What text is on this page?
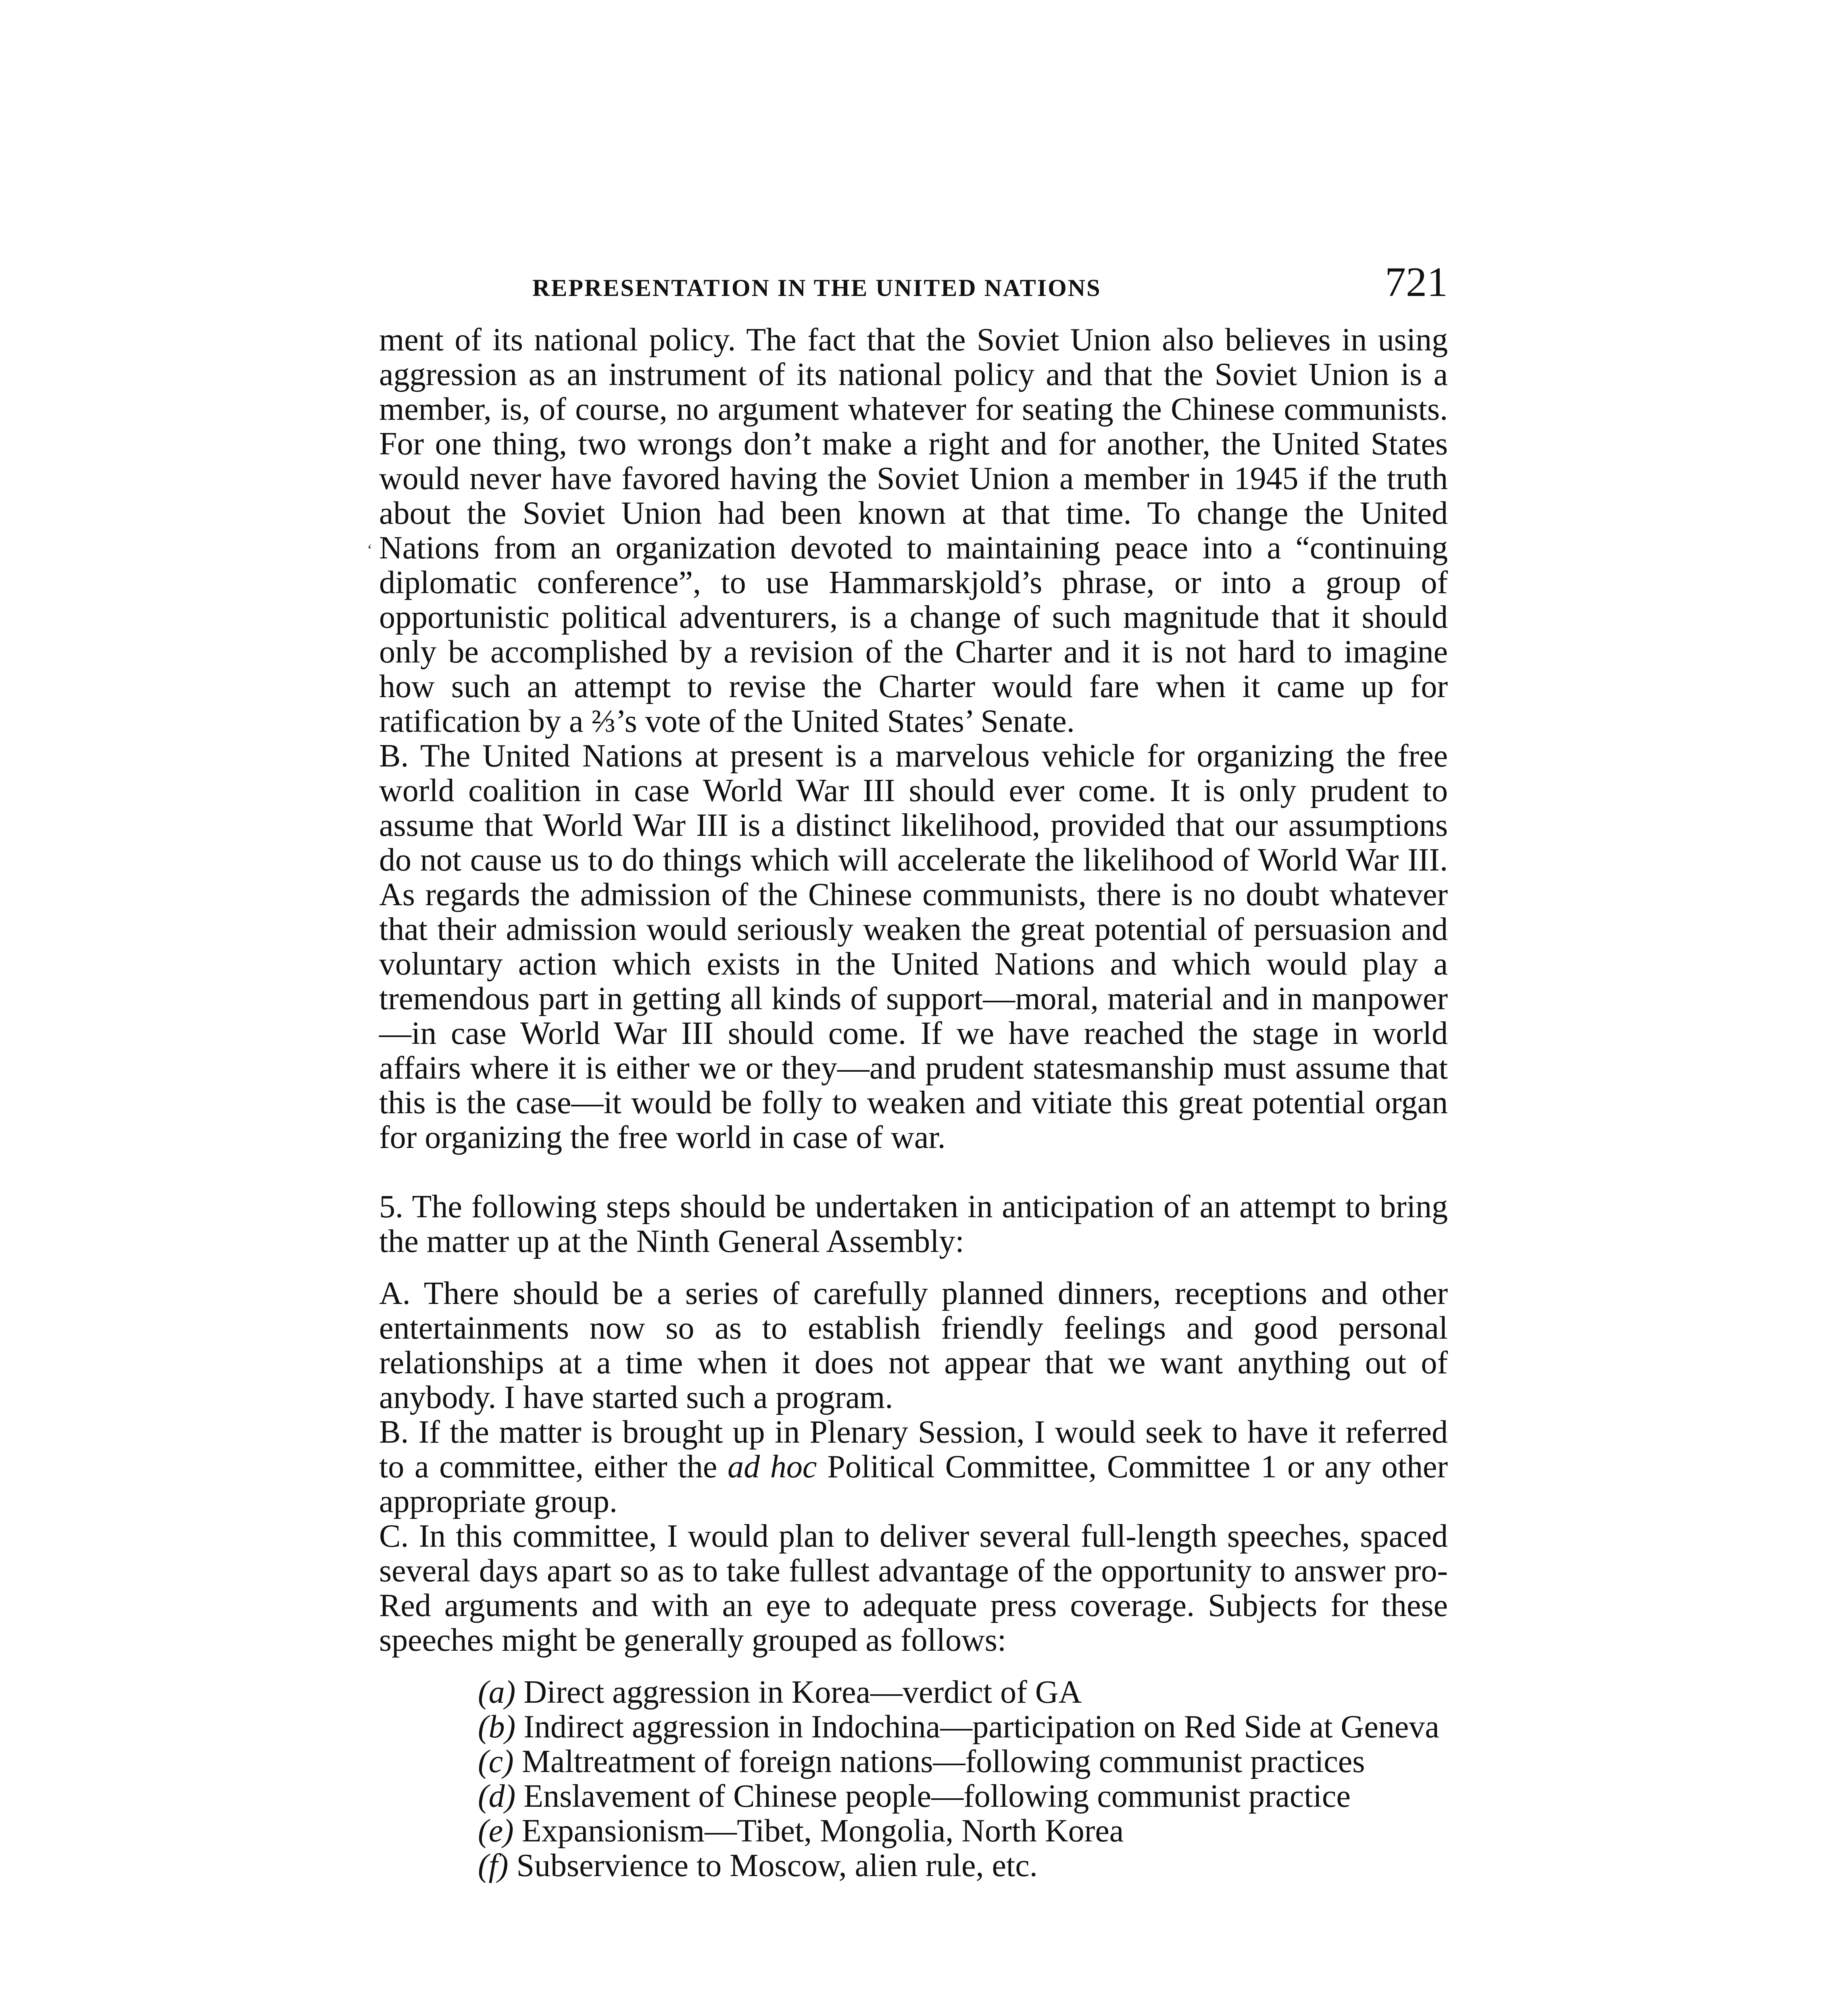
REPRESENTATION IN THE UNITED NATIONS	721
‘

ment of its national policy. The fact that the Soviet Union also believes in using aggression as an instrument of its national policy and that the Soviet Union is a member, is, of course, no argument whatever for seating the Chinese communists. For one thing, two wrongs don’t make a right and for another, the United States would never have favored having the Soviet Union a member in 1945 if the truth about the Soviet Union had been known at that time. To change the United Nations from an organization devoted to maintaining peace into a “continuing diplomatic conference”, to use Hammarskjold’s phrase, or into a group of opportunistic political adventurers, is a change of such magnitude that it should only be accomplished by a revision of the Charter and it is not hard to imagine how such an attempt to revise the Charter would fare when it came up for ratification by a ⅔’s vote of the United States’ Senate.

B. The United Nations at present is a marvelous vehicle for organizing the free world coalition in case World War III should ever come. It is only prudent to assume that World War III is a distinct likelihood, provided that our assumptions do not cause us to do things which will accelerate the likelihood of World War III. As regards the admission of the Chinese communists, there is no doubt whatever that their admission would seriously weaken the great potential of persuasion and voluntary action which exists in the United Nations and which would play a tremendous part in getting all kinds of support—moral, material and in manpower—in case World War III should come. If we have reached the stage in world affairs where it is either we or they—and prudent statesmanship must assume that this is the case—it would be folly to weaken and vitiate this great potential organ for organizing the free world in case of war.

5. The following steps should be undertaken in anticipation of an attempt to bring the matter up at the Ninth General Assembly:

A. There should be a series of carefully planned dinners, receptions and other entertainments now so as to establish friendly feelings and good personal relationships at a time when it does not appear that we want anything out of anybody. I have started such a program.

B. If the matter is brought up in Plenary Session, I would seek to have it referred to a committee, either the ad hoc Political Committee, Committee 1 or any other appropriate group.

C. In this committee, I would plan to deliver several full-length speeches, spaced several days apart so as to take fullest advantage of the opportunity to answer pro-Red arguments and with an eye to adequate press coverage. Subjects for these speeches might be generally grouped as follows:

(a) Direct aggression in Korea—verdict of GA

(b) Indirect aggression in Indochina—participation on Red Side at Geneva

(c) Maltreatment of foreign nations—following communist practices

(d) Enslavement of Chinese people—following communist practice

(e) Expansionism—Tibet, Mongolia, North Korea

(f) Subservience to Moscow, alien rule, etc.
